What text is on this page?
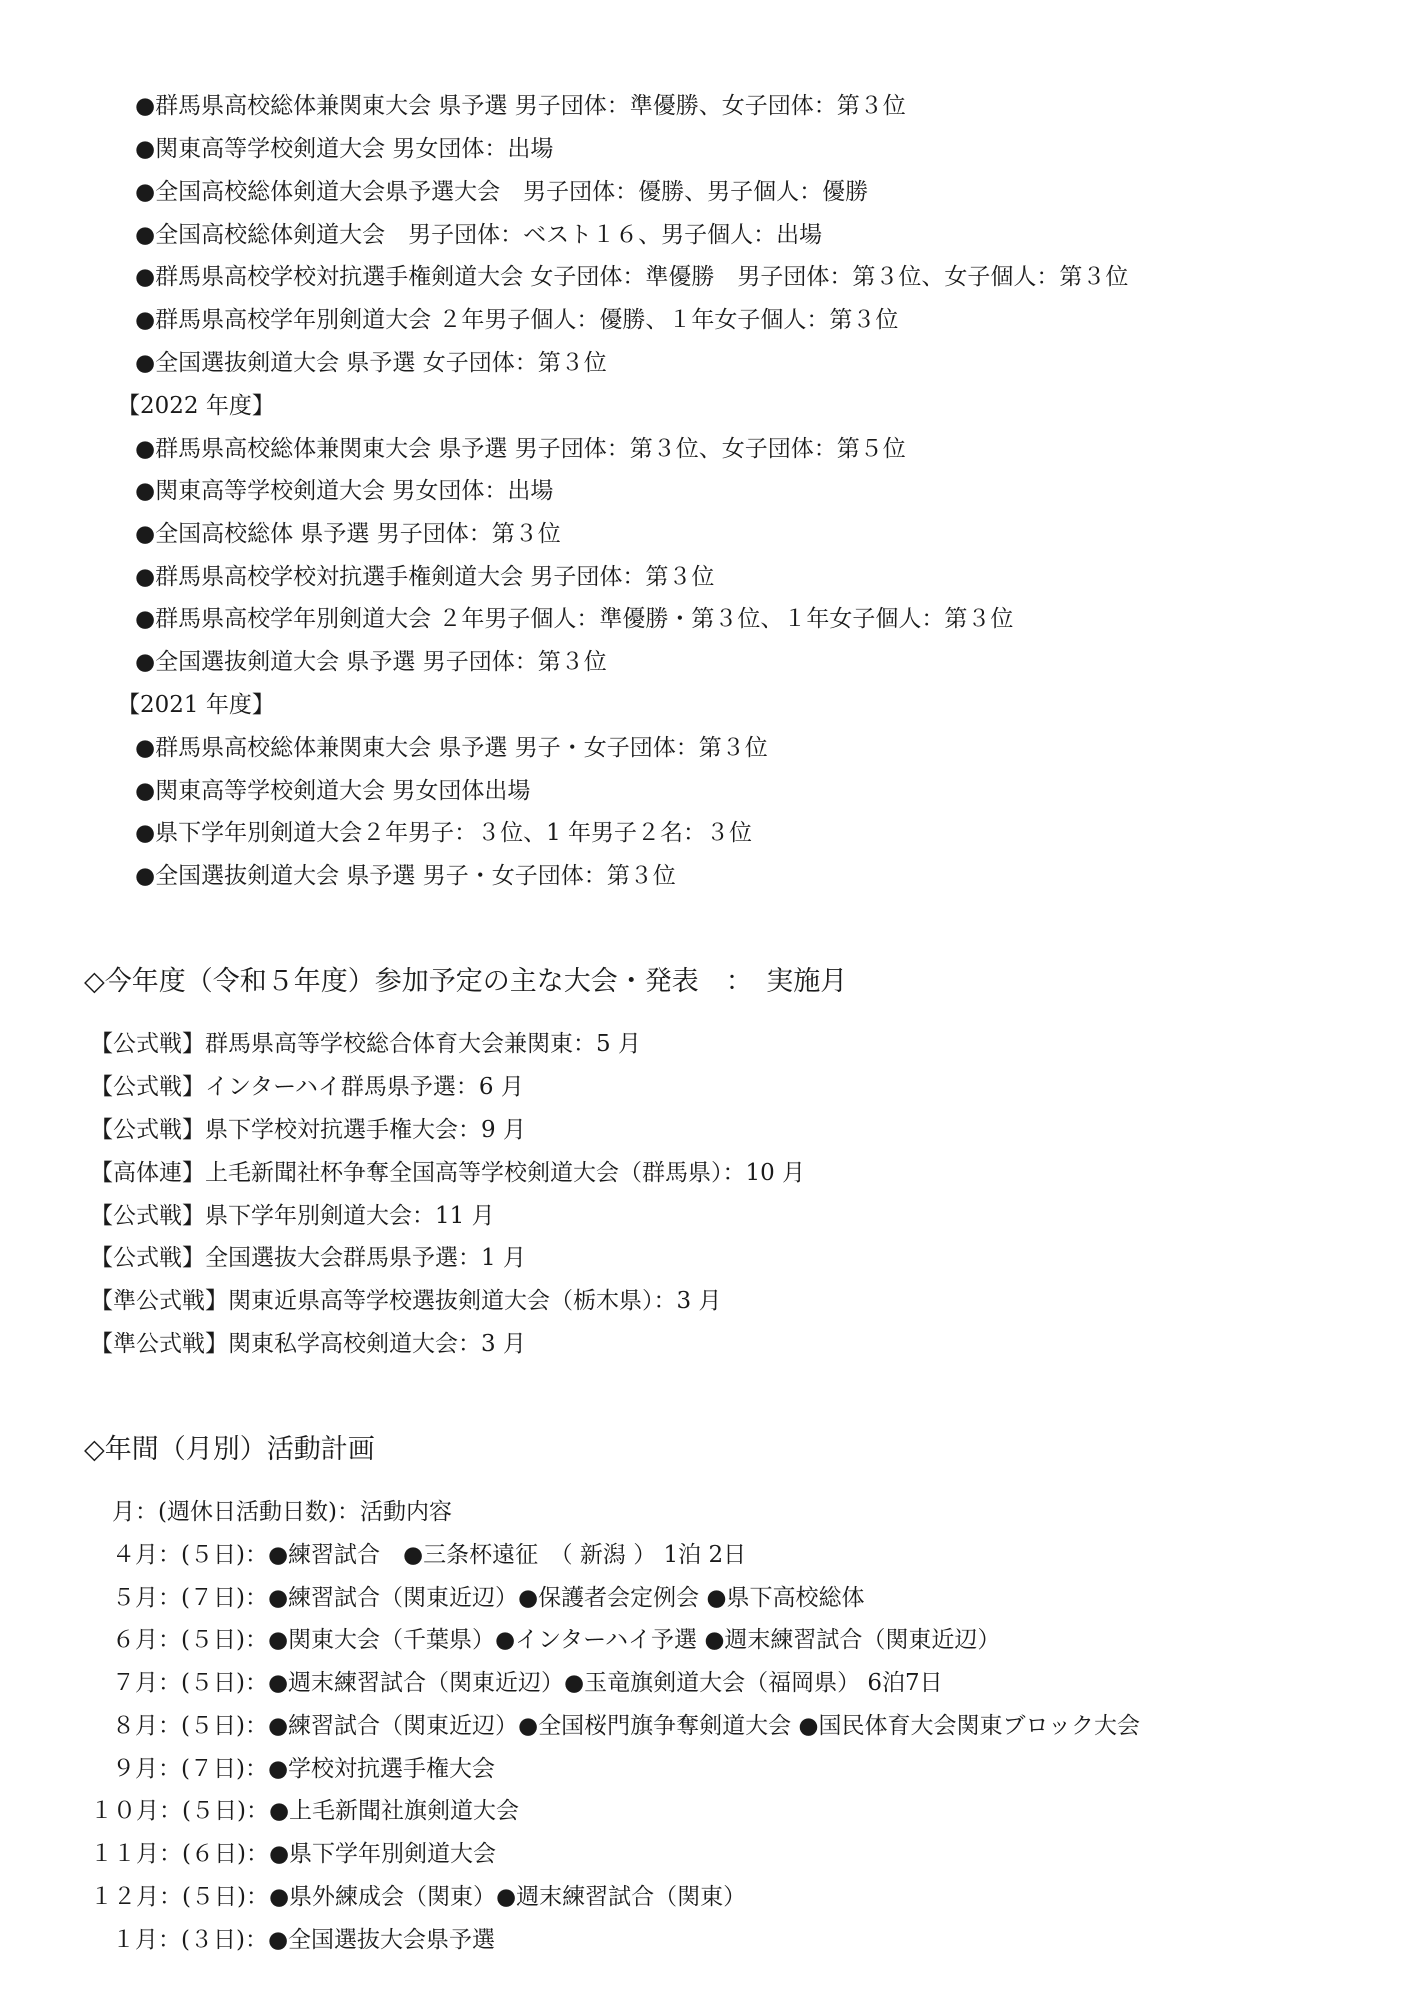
●群馬県高校総体兼関東大会 県予選 男子団体：準優勝、女子団体：第３位
●関東高等学校剣道大会 男女団体：出場
●全国高校総体剣道大会県予選大会　男子団体：優勝、男子個人：優勝
●全国高校総体剣道大会　男子団体：ベスト１６、男子個人：出場
●群馬県高校学校対抗選手権剣道大会 女子団体：準優勝　男子団体：第３位、女子個人：第３位
●群馬県高校学年別剣道大会 ２年男子個人：優勝、１年女子個人：第３位
●全国選抜剣道大会 県予選 女子団体：第３位
【2022 年度】
●群馬県高校総体兼関東大会 県予選 男子団体：第３位、女子団体：第５位
●関東高等学校剣道大会 男女団体：出場
●全国高校総体 県予選 男子団体：第３位
●群馬県高校学校対抗選手権剣道大会 男子団体：第３位
●群馬県高校学年別剣道大会 ２年男子個人：準優勝・第３位、１年女子個人：第３位
●全国選抜剣道大会 県予選 男子団体：第３位
【2021 年度】
●群馬県高校総体兼関東大会 県予選 男子・女子団体：第３位
●関東高等学校剣道大会 男女団体出場
●県下学年別剣道大会２年男子：３位、1 年男子２名：３位
●全国選抜剣道大会 県予選 男子・女子団体：第３位
◇今年度（令和５年度）参加予定の主な大会・発表　：　実施月
【公式戦】群馬県高等学校総合体育大会兼関東：5 月
【公式戦】インターハイ群馬県予選：6 月
【公式戦】県下学校対抗選手権大会：9 月
【高体連】上毛新聞社杯争奪全国高等学校剣道大会（群馬県）：10 月
【公式戦】県下学年別剣道大会：11 月
【公式戦】全国選抜大会群馬県予選：1 月
【準公式戦】関東近県高等学校選抜剣道大会（栃木県）：3 月
【準公式戦】関東私学高校剣道大会：3 月
◇年間（月別）活動計画
月：(週休日活動日数)：活動内容
４月：(５日)：●練習試合　●三条杯遠征　（ 新潟 ） 1泊 2日
５月：(７日)：●練習試合（関東近辺）●保護者会定例会 ●県下高校総体
６月：(５日)：●関東大会（千葉県）●インターハイ予選 ●週末練習試合（関東近辺）
７月：(５日)：●週末練習試合（関東近辺）●玉竜旗剣道大会（福岡県） 6泊7日
８月：(５日)：●練習試合（関東近辺）●全国桜門旗争奪剣道大会 ●国民体育大会関東ブロック大会
９月：(７日)：●学校対抗選手権大会
１０月：(５日)：●上毛新聞社旗剣道大会
１１月：(６日)：●県下学年別剣道大会
１２月：(５日)：●県外練成会（関東）●週末練習試合（関東）
１月：(３日)：●全国選抜大会県予選
